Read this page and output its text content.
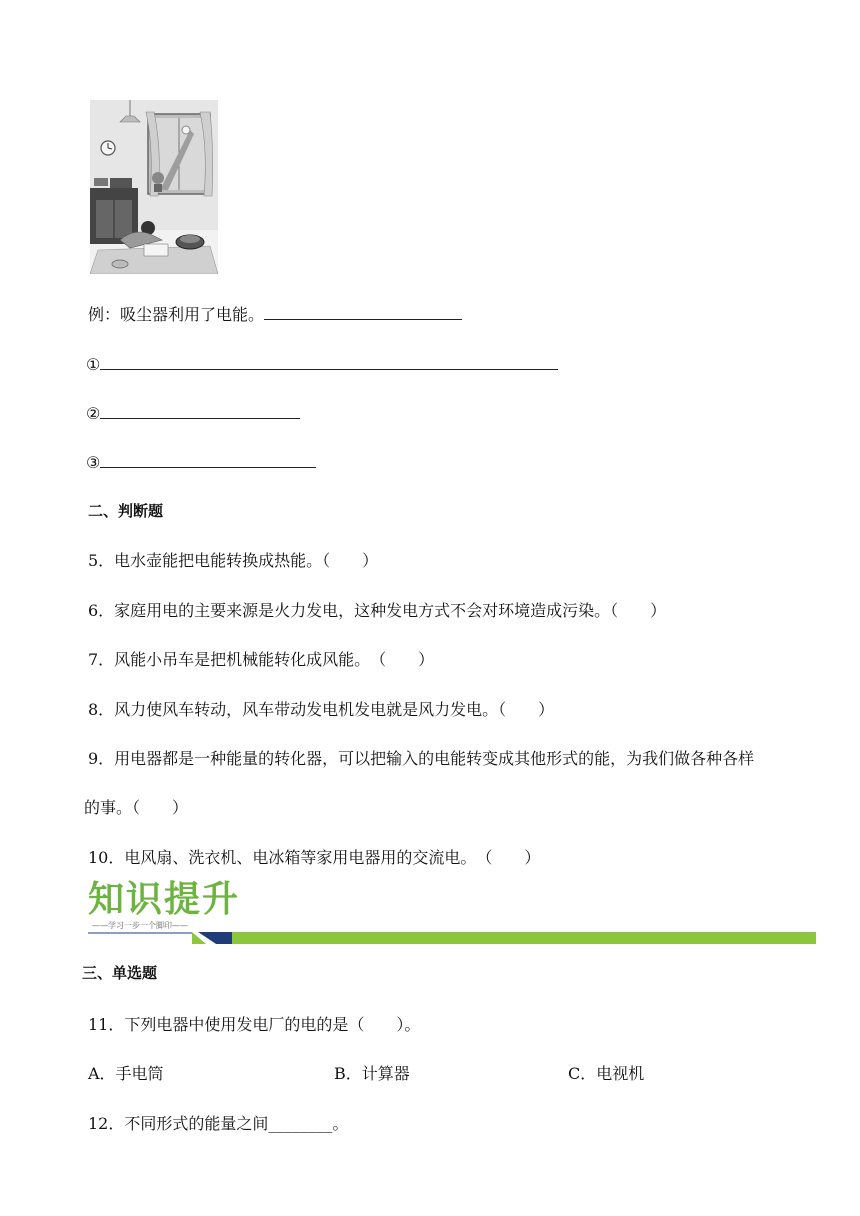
例：吸尘器利用了电能。
①
②
③
二、判断题
5．电水壶能把电能转换成热能。（　　）
6．家庭用电的主要来源是火力发电，这种发电方式不会对环境造成污染。（　　）
7．风能小吊车是把机械能转化成风能。　（　　）
8．风力使风车转动，风车带动发电机发电就是风力发电。（　　）
9．用电器都是一种能量的转化器，可以把输入的电能转变成其他形式的能，为我们做各种各样
的事。（　　）
10．电风扇、洗衣机、电冰箱等家用电器用的交流电。　（　　）
知识提升
——学习一步一个脚印——
三、单选题
11．下列电器中使用发电厂的电的是（　　）。
A．手电筒	B．计算器	C．电视机
12．不同形式的能量之间________。
